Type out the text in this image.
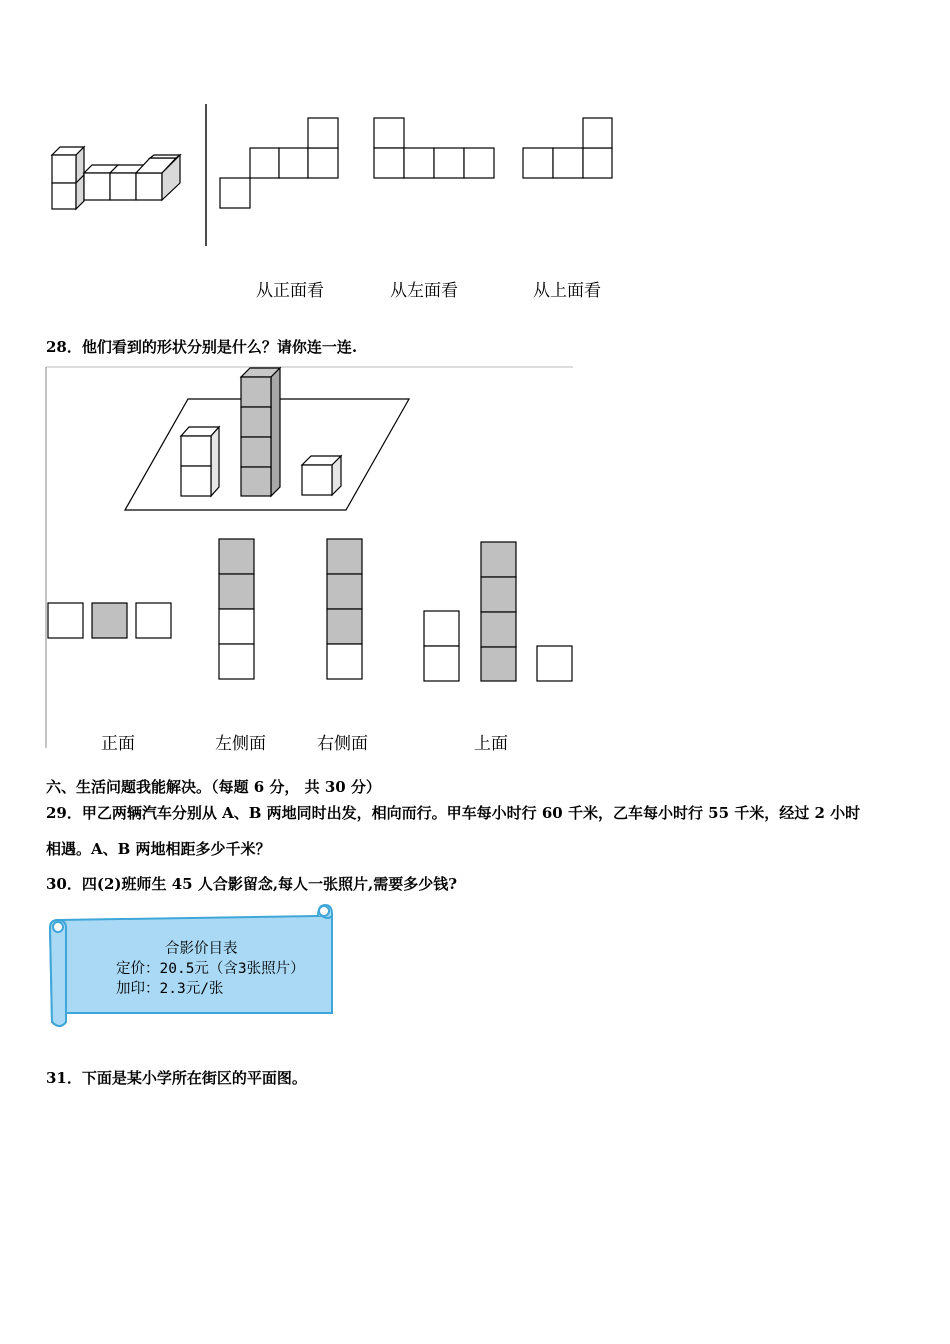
从正面看	从左面看	从上面看
28．他们看到的形状分别是什么？请你连一连.
正面	左侧面	右侧面	上面
六、生活问题我能解决。（每题 6 分， 共 30 分）
29．甲乙两辆汽车分别从 A、B 两地同时出发，相向而行。甲车每小时行 60 千米，乙车每小时行 55 千米，经过 2 小时
相遇。A、B 两地相距多少千米？
30．四(2)班师生 45 人合影留念,每人一张照片,需要多少钱?
合影价目表
定价：20.5元（含3张照片）
加印：2.3元/张
31．下面是某小学所在街区的平面图。
